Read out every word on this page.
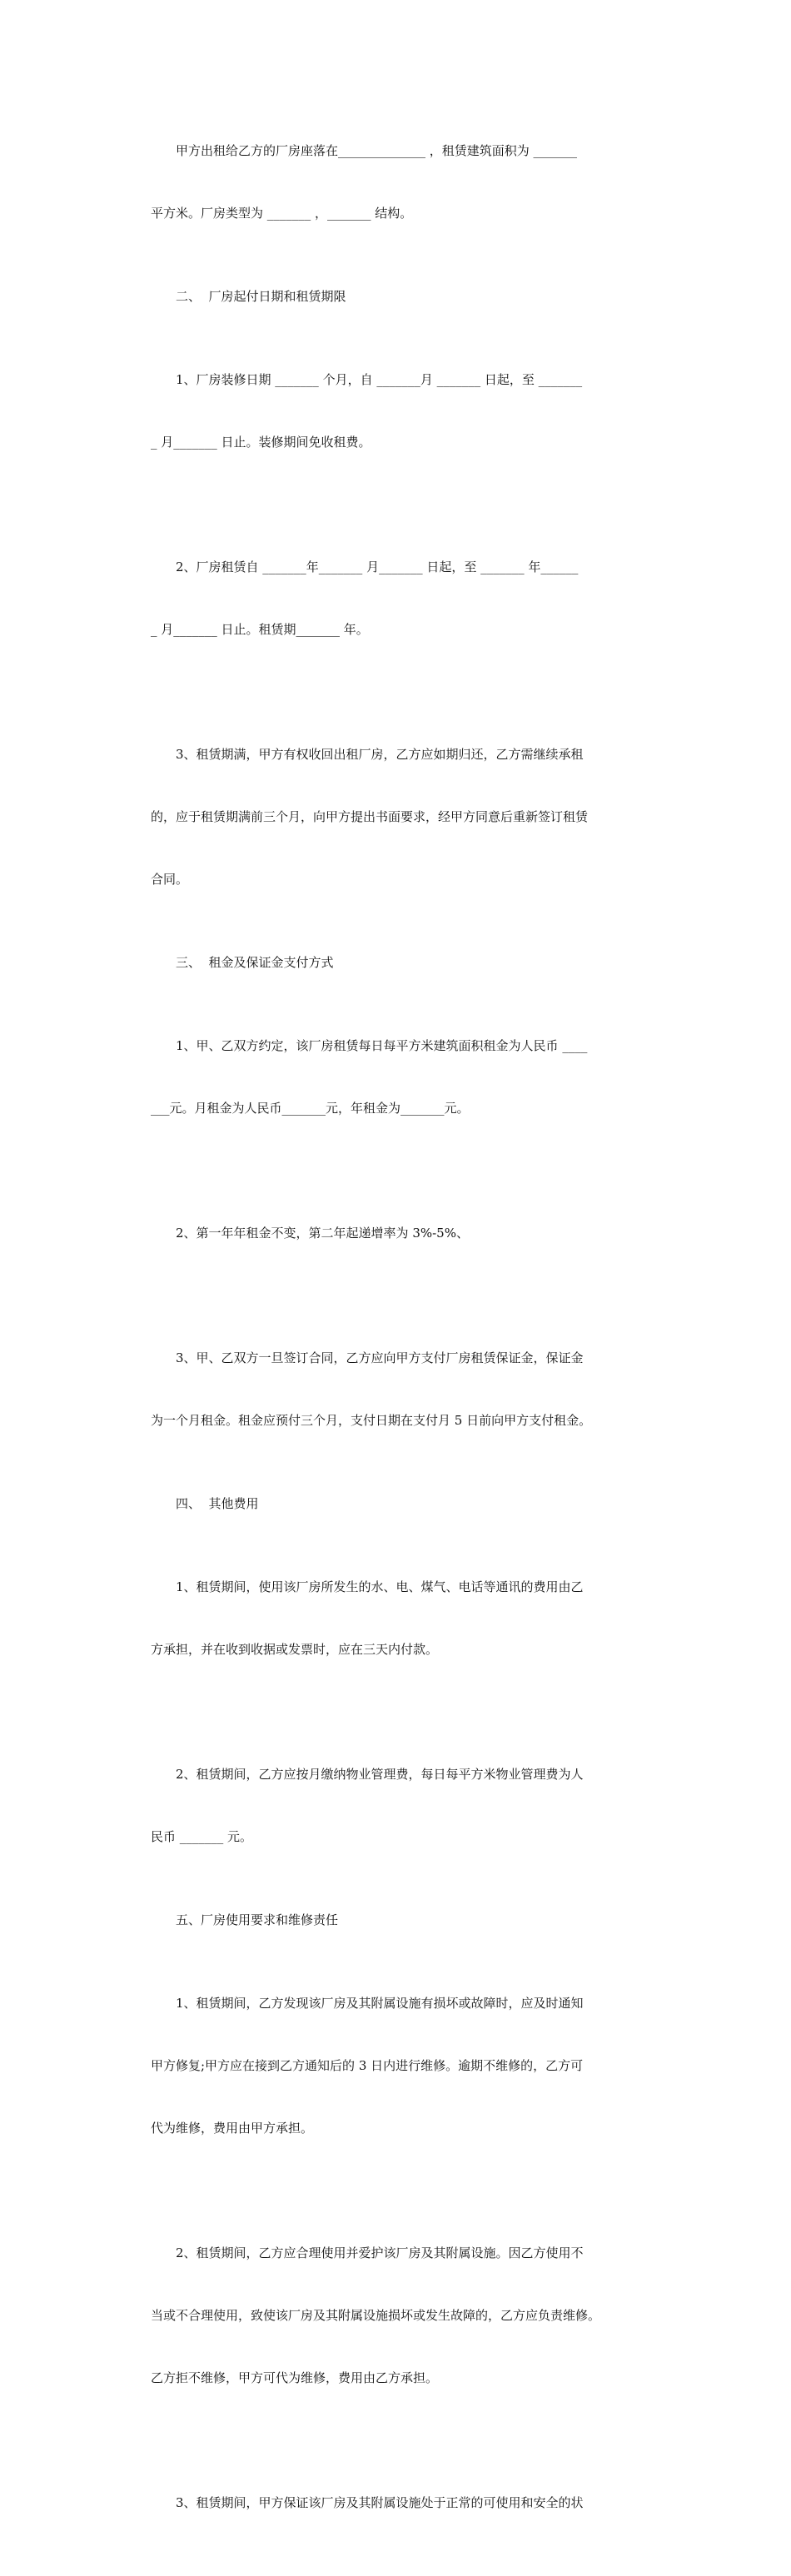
甲方出租给乙方的厂房座落在______________ ，租赁建筑面积为 _______

平方米。厂房类型为 _______ ，_______ 结构。

二、  厂房起付日期和租赁期限

1、厂房装修日期 _______ 个月，自 _______月 _______ 日起，至 _______

_ 月_______ 日止。装修期间免收租费。

2、厂房租赁自 _______年_______ 月_______ 日起，至 _______ 年______

_ 月_______ 日止。租赁期_______ 年。

3、租赁期满，甲方有权收回出租厂房，乙方应如期归还，乙方需继续承租

的，应于租赁期满前三个月，向甲方提出书面要求，经甲方同意后重新签订租赁

合同。

三、  租金及保证金支付方式

1、甲、乙双方约定，该厂房租赁每日每平方米建筑面积租金为人民币 ____

___元。月租金为人民币_______元，年租金为_______元。

2、第一年年租金不变，第二年起递增率为 3%-5%、

3、甲、乙双方一旦签订合同，乙方应向甲方支付厂房租赁保证金，保证金

为一个月租金。租金应预付三个月，支付日期在支付月 5 日前向甲方支付租金。

四、  其他费用

1、租赁期间，使用该厂房所发生的水、电、煤气、电话等通讯的费用由乙

方承担，并在收到收据或发票时，应在三天内付款。

2、租赁期间，乙方应按月缴纳物业管理费，每日每平方米物业管理费为人

民币 _______ 元。

五、厂房使用要求和维修责任

1、租赁期间，乙方发现该厂房及其附属设施有损坏或故障时，应及时通知

甲方修复;甲方应在接到乙方通知后的 3 日内进行维修。逾期不维修的，乙方可

代为维修，费用由甲方承担。

2、租赁期间，乙方应合理使用并爱护该厂房及其附属设施。因乙方使用不

当或不合理使用，致使该厂房及其附属设施损坏或发生故障的，乙方应负责维修。

乙方拒不维修，甲方可代为维修，费用由乙方承担。

3、租赁期间，甲方保证该厂房及其附属设施处于正常的可使用和安全的状
